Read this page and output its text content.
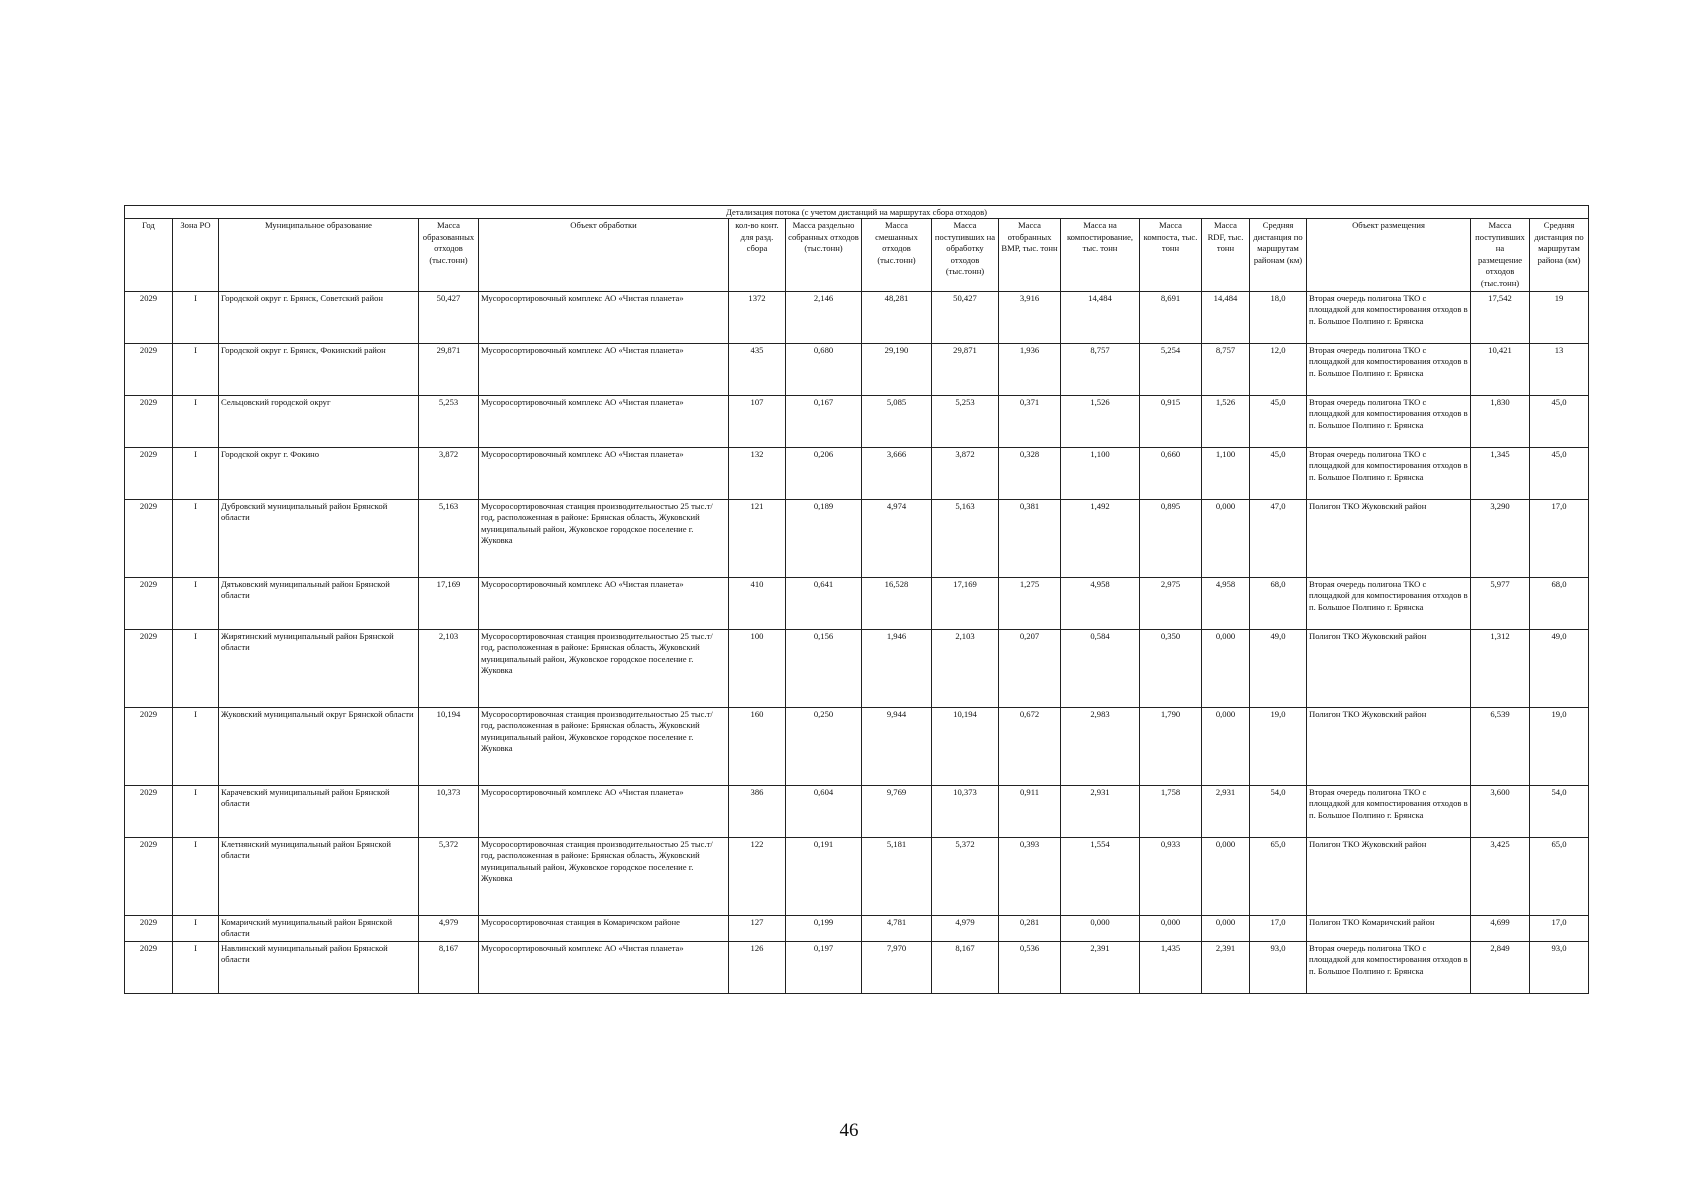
Детализация потока (с учетом дистанций на маршрутах сбора отходов)																
Год	Зона РО	Муниципальное образование	Масса образованных отходов (тыс.тонн)	Объект обработки	кол-во конт. для разд. сбора	Масса раздельно собранных отходов (тыс.тонн)	Масса смешанных отходов (тыс.тонн)	Масса поступивших на обработку отходов (тыс.тонн)	Масса отобранных ВМР, тыс. тонн	Масса на компостирование, тыс. тонн	Масса компоста, тыс. тонн	Масса RDF, тыс. тонн	Средняя дистанция по маршрутам районам (км)	Объект размещения	Масса поступивших на размещение отходов (тыс.тонн)	Средняя дистанция по маршрутам района (км)
2029	I	Городской округ г. Брянск, Советский район	50,427	Мусоросортировочный комплекс АО «Чистая планета»	1372	2,146	48,281	50,427	3,916	14,484	8,691	14,484	18,0	Вторая очередь полигона ТКО с площадкой для компостирования отходов в п. Большое Полпино г. Брянска	17,542	19
2029	I	Городской округ г. Брянск, Фокинский район	29,871	Мусоросортировочный комплекс АО «Чистая планета»	435	0,680	29,190	29,871	1,936	8,757	5,254	8,757	12,0	Вторая очередь полигона ТКО с площадкой для компостирования отходов в п. Большое Полпино г. Брянска	10,421	13
2029	I	Сельцовский городской округ	5,253	Мусоросортировочный комплекс АО «Чистая планета»	107	0,167	5,085	5,253	0,371	1,526	0,915	1,526	45,0	Вторая очередь полигона ТКО с площадкой для компостирования отходов в п. Большое Полпино г. Брянска	1,830	45,0
2029	I	Городской округ г. Фокино	3,872	Мусоросортировочный комплекс АО «Чистая планета»	132	0,206	3,666	3,872	0,328	1,100	0,660	1,100	45,0	Вторая очередь полигона ТКО с площадкой для компостирования отходов в п. Большое Полпино г. Брянска	1,345	45,0
2029	I	Дубровский муниципальный район Брянской области	5,163	Мусоросортировочная станция производительностью 25 тыс.т/год, расположенная в районе: Брянская область, Жуковский муниципальный район, Жуковское городское поселение г. Жуковка	121	0,189	4,974	5,163	0,381	1,492	0,895	0,000	47,0	Полигон ТКО Жуковский район	3,290	17,0
2029	I	Дятьковский муниципальный район Брянской области	17,169	Мусоросортировочный комплекс АО «Чистая планета»	410	0,641	16,528	17,169	1,275	4,958	2,975	4,958	68,0	Вторая очередь полигона ТКО с площадкой для компостирования отходов в п. Большое Полпино г. Брянска	5,977	68,0
2029	I	Жирятинский муниципальный район Брянской области	2,103	Мусоросортировочная станция производительностью 25 тыс.т/год, расположенная в районе: Брянская область, Жуковский муниципальный район, Жуковское городское поселение г. Жуковка	100	0,156	1,946	2,103	0,207	0,584	0,350	0,000	49,0	Полигон ТКО Жуковский район	1,312	49,0
2029	I	Жуковский муниципальный округ Брянской области	10,194	Мусоросортировочная станция производительностью 25 тыс.т/год, расположенная в районе: Брянская область, Жуковский муниципальный район, Жуковское городское поселение г. Жуковка	160	0,250	9,944	10,194	0,672	2,983	1,790	0,000	19,0	Полигон ТКО Жуковский район	6,539	19,0
2029	I	Карачевский муниципальный район Брянской области	10,373	Мусоросортировочный комплекс АО «Чистая планета»	386	0,604	9,769	10,373	0,911	2,931	1,758	2,931	54,0	Вторая очередь полигона ТКО с площадкой для компостирования отходов в п. Большое Полпино г. Брянска	3,600	54,0
2029	I	Клетнянский муниципальный район Брянской области	5,372	Мусоросортировочная станция производительностью 25 тыс.т/год, расположенная в районе: Брянская область, Жуковский муниципальный район, Жуковское городское поселение г. Жуковка	122	0,191	5,181	5,372	0,393	1,554	0,933	0,000	65,0	Полигон ТКО Жуковский район	3,425	65,0
2029	I	Комаричский муниципальный район Брянской области	4,979	Мусоросортировочная станция в Комаричском районе	127	0,199	4,781	4,979	0,281	0,000	0,000	0,000	17,0	Полигон ТКО Комаричский район	4,699	17,0
2029	I	Навлинский муниципальный район Брянской области	8,167	Мусоросортировочный комплекс АО «Чистая планета»	126	0,197	7,970	8,167	0,536	2,391	1,435	2,391	93,0	Вторая очередь полигона ТКО с площадкой для компостирования отходов в п. Большое Полпино г. Брянска	2,849	93,0
46
